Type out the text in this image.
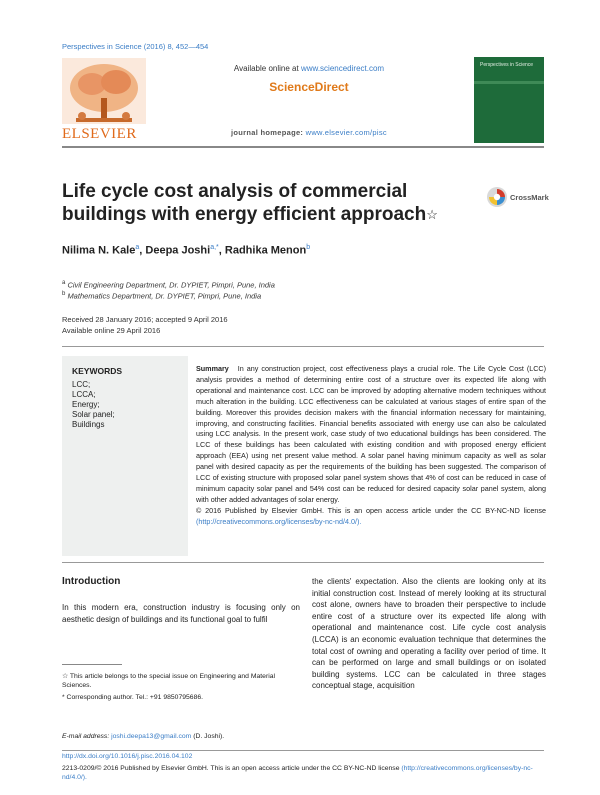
Perspectives in Science (2016) 8, 452—454
ELSEVIER
Available online at www.sciencedirect.com
ScienceDirect
journal homepage: www.elsevier.com/pisc
Perspectives in Science
Life cycle cost analysis of commercial buildings with energy efficient approach☆
CrossMark
Nilima N. Kale$^a$, Deepa Joshi$^{a,*}$, Radhika Menon$^b$
$^a$ Civil Engineering Department, Dr. DYPIET, Pimpri, Pune, India
$^b$ Mathematics Department, Dr. DYPIET, Pimpri, Pune, India
Received 28 January 2016; accepted 9 April 2016
Available online 29 April 2016
KEYWORDS
LCC;
LCCA;
Energy;
Solar panel;
Buildings
Summary In any construction project, cost effectiveness plays a crucial role. The Life Cycle Cost (LCC) analysis provides a method of determining entire cost of a structure over its expected life along with operational and maintenance cost. LCC can be improved by adopting alternative modern techniques without much alteration in the building. LCC effectiveness can be calculated at various stages of entire span of the building. Moreover this provides decision makers with the financial information necessary for maintaining, improving, and constructing facilities. Financial benefits associated with energy use can also be calculated using LCC analysis. In the present work, case study of two educational buildings has been considered. The LCC of these buildings has been calculated with existing condition and with proposed energy efficient approach (EEA) using net present value method. A solar panel having minimum capacity as well as solar panel with desired capacity as per the requirements of the building has been suggested. The comparison of LCC of existing structure with proposed solar panel system shows that 4% of cost can be reduced in case of minimum capacity solar panel and 54% cost can be reduced for desired capacity solar panel system, along with other added advantages of solar energy.
© 2016 Published by Elsevier GmbH. This is an open access article under the CC BY-NC-ND license (http://creativecommons.org/licenses/by-nc-nd/4.0/).
Introduction
In this modern era, construction industry is focusing only on aesthetic design of buildings and its functional goal to fulfil
the clients' expectation. Also the clients are looking only at its initial construction cost. Instead of merely looking at its structural cost alone, owners have to broaden their perspective to include entire cost of a structure over its expected life along with operational and maintenance cost. Life cycle cost analysis (LCCA) is an economic evaluation technique that determines the total cost of owning and operating a facility over period of time. It can be performed on large and small buildings or on isolated building systems. LCC can be calculated in three stages conceptual stage, acquisition
☆ This article belongs to the special issue on Engineering and Material Sciences.
* Corresponding author. Tel.: +91 9850795686.
E-mail address: joshi.deepa13@gmail.com (D. Joshi).
http://dx.doi.org/10.1016/j.pisc.2016.04.102
2213-0209/© 2016 Published by Elsevier GmbH. This is an open access article under the CC BY-NC-ND license (http://creativecommons.org/licenses/by-nc-nd/4.0/).
